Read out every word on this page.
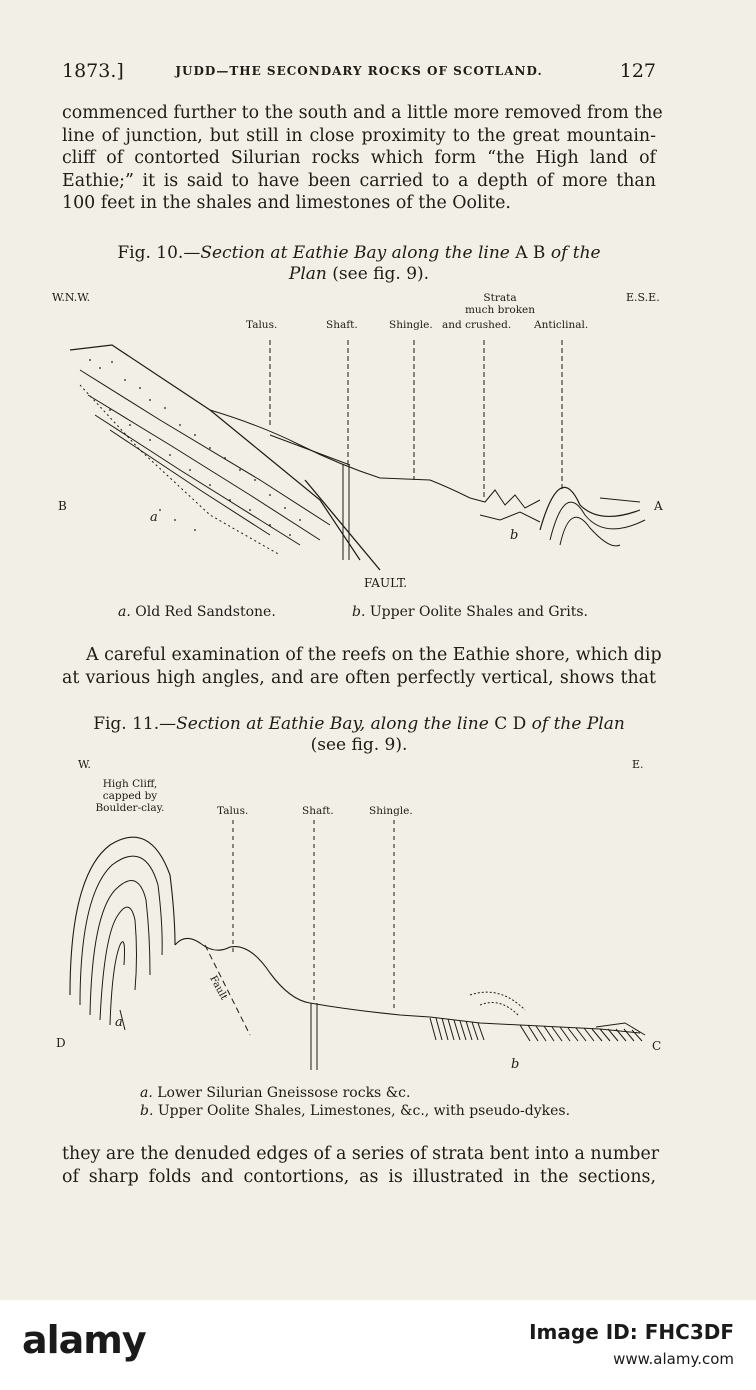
1873.]	JUDD—THE SECONDARY ROCKS OF SCOTLAND.	127
commenced further to the south and a little more removed from the
line of junction, but still in close proximity to the great mountain-
cliff of contorted Silurian rocks which form “the High land of
Eathie;” it is said to have been carried to a depth of more than
100 feet in the shales and limestones of the Oolite.
Fig. 10.—Section at Eathie Bay along the line A B of the
Plan (see fig. 9).
W.N.W.	E.S.E.
Talus.	Shaft.	Shingle.
Strata
much broken
and crushed. Anticlinal.
B	A
a
b
FAULT.
a. Old Red Sandstone.	b. Upper Oolite Shales and Grits.
A careful examination of the reefs on the Eathie shore, which dip
at various high angles, and are often perfectly vertical, shows that
Fig. 11.—Section at Eathie Bay, along the line C D of the Plan
(see fig. 9).
W.	E.
High Cliff,
capped by
Boulder-clay.	Talus.	Shaft.	Shingle.
Fault
D	C
a
b
a. Lower Silurian Gneissose rocks &c.
b. Upper Oolite Shales, Limestones, &c., with pseudo-dykes.
they are the denuded edges of a series of strata bent into a number
of sharp folds and contortions, as is illustrated in the sections,
alamy	Image ID: FHC3DF
www.alamy.com
